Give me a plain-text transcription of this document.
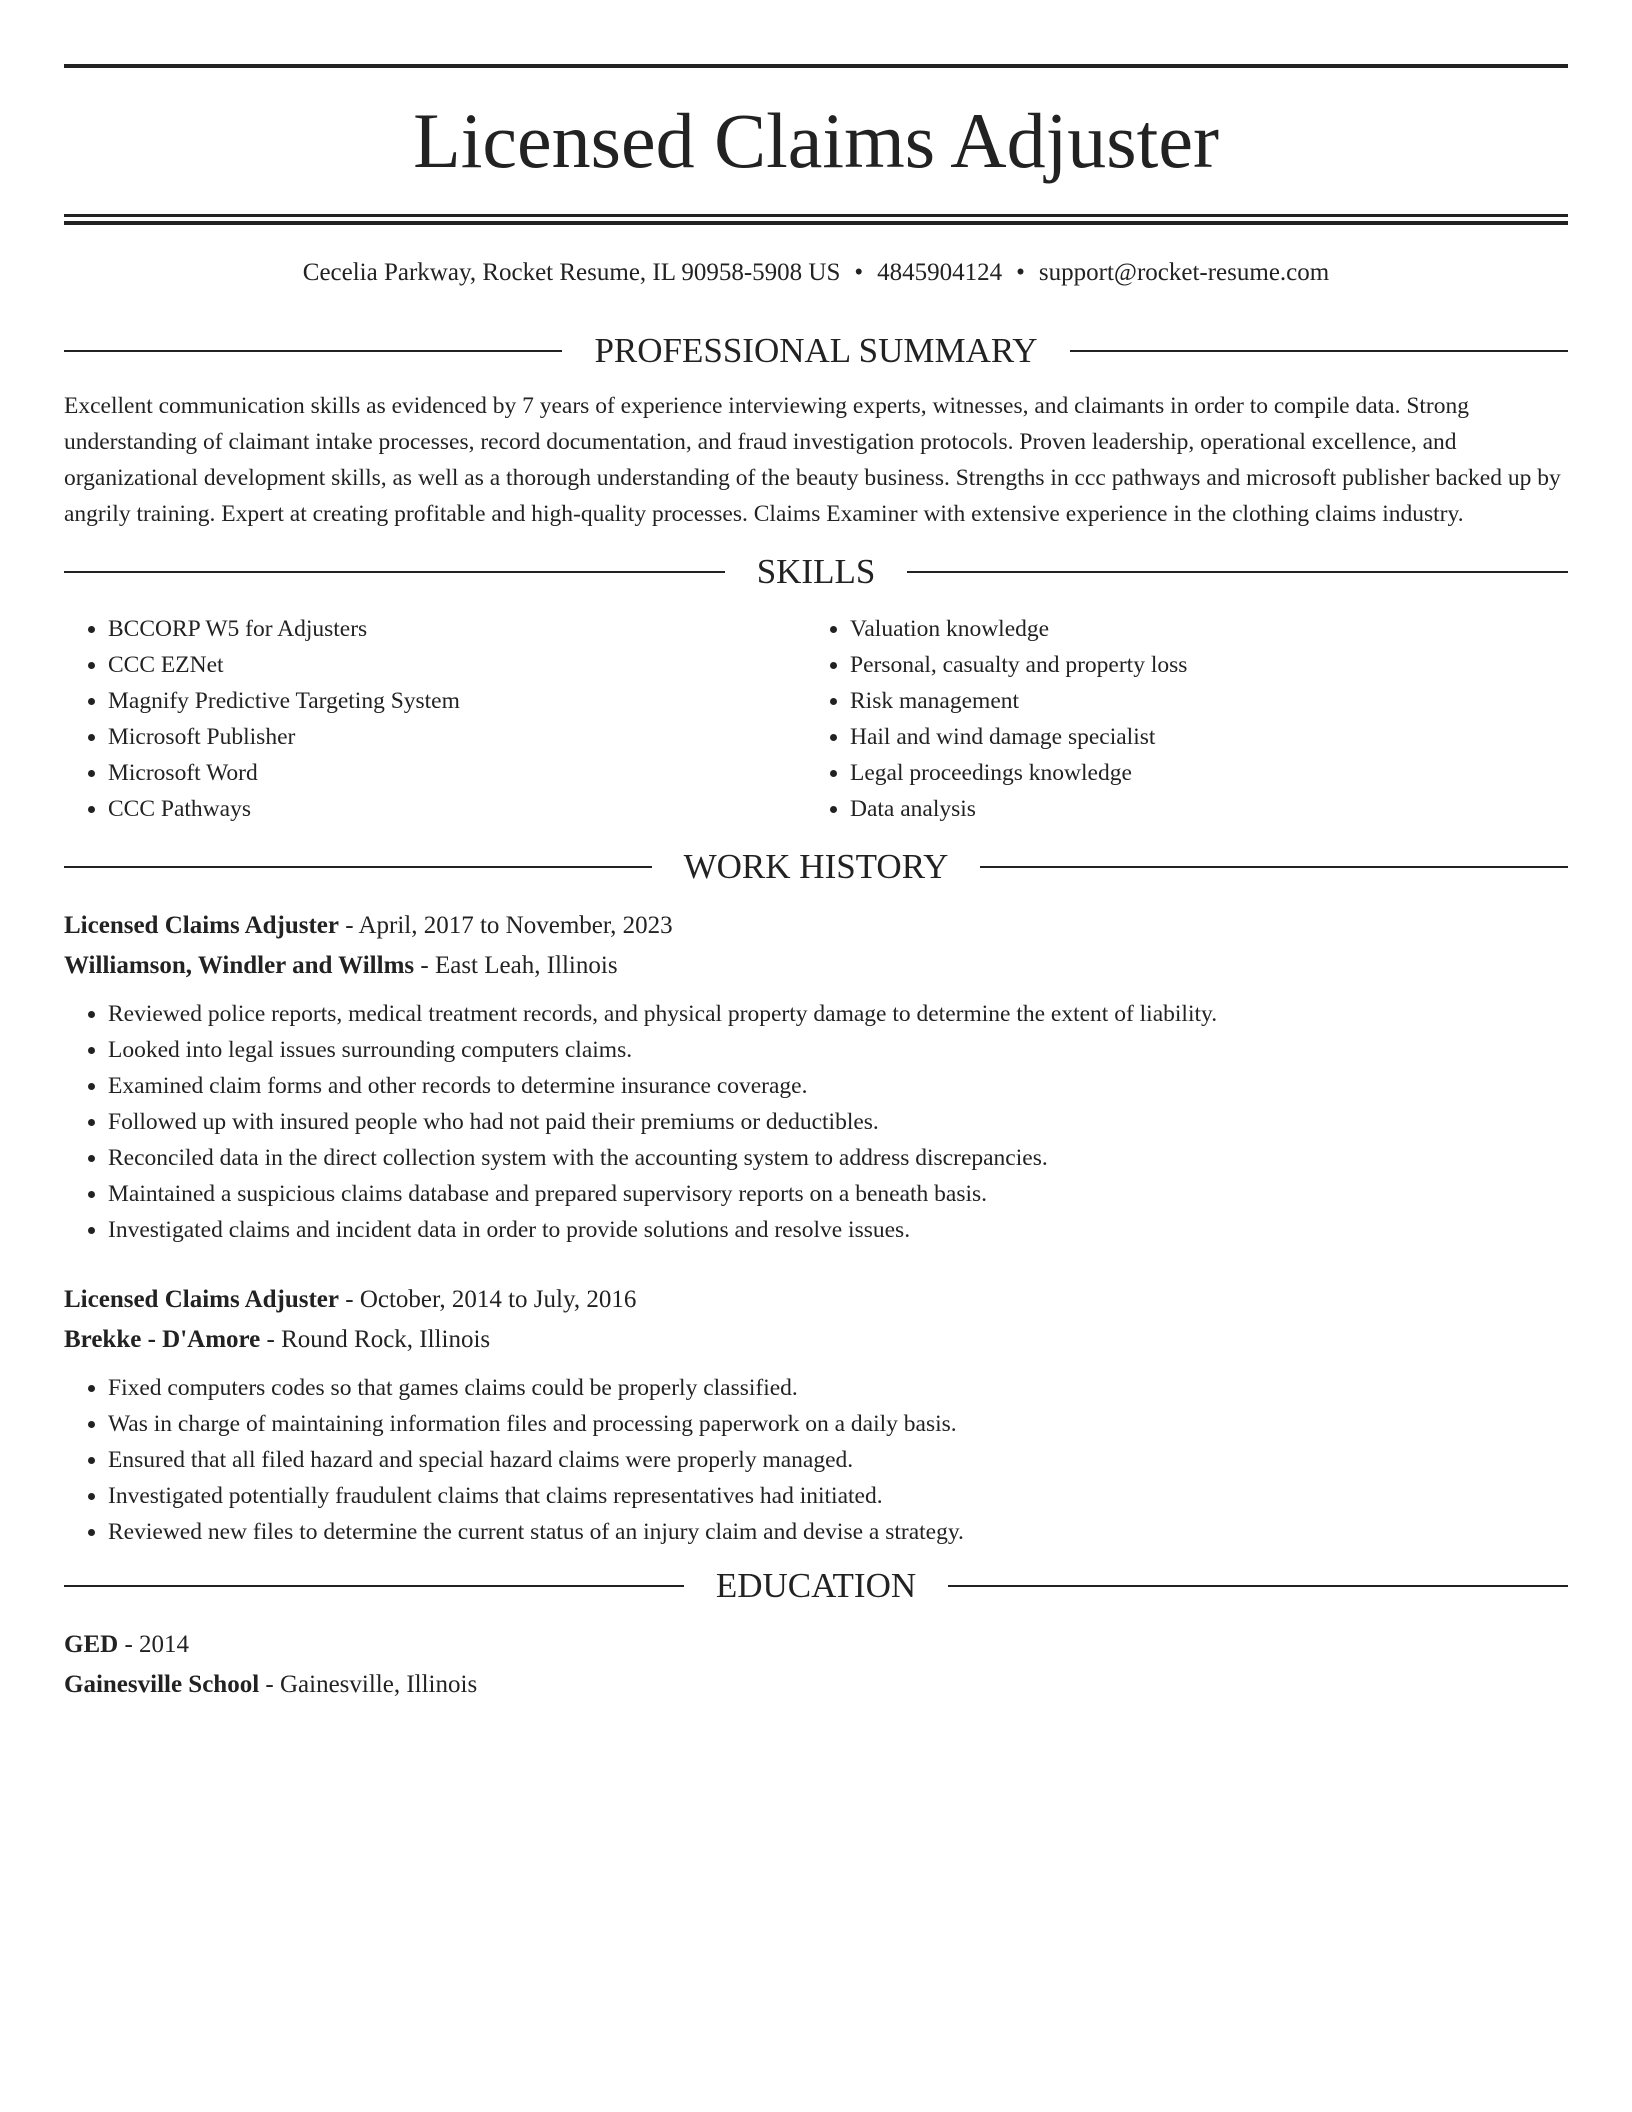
Licensed Claims Adjuster
Cecelia Parkway, Rocket Resume, IL 90958-5908 US • 4845904124 • support@rocket-resume.com
PROFESSIONAL SUMMARY
Excellent communication skills as evidenced by 7 years of experience interviewing experts, witnesses, and claimants in order to compile data. Strong understanding of claimant intake processes, record documentation, and fraud investigation protocols. Proven leadership, operational excellence, and organizational development skills, as well as a thorough understanding of the beauty business. Strengths in ccc pathways and microsoft publisher backed up by angrily training. Expert at creating profitable and high-quality processes. Claims Examiner with extensive experience in the clothing claims industry.
SKILLS
• BCCORP W5 for Adjusters
• CCC EZNet
• Magnify Predictive Targeting System
• Microsoft Publisher
• Microsoft Word
• CCC Pathways
• Valuation knowledge
• Personal, casualty and property loss
• Risk management
• Hail and wind damage specialist
• Legal proceedings knowledge
• Data analysis
WORK HISTORY
Licensed Claims Adjuster - April, 2017 to November, 2023
Williamson, Windler and Willms - East Leah, Illinois
• Reviewed police reports, medical treatment records, and physical property damage to determine the extent of liability.
• Looked into legal issues surrounding computers claims.
• Examined claim forms and other records to determine insurance coverage.
• Followed up with insured people who had not paid their premiums or deductibles.
• Reconciled data in the direct collection system with the accounting system to address discrepancies.
• Maintained a suspicious claims database and prepared supervisory reports on a beneath basis.
• Investigated claims and incident data in order to provide solutions and resolve issues.
Licensed Claims Adjuster - October, 2014 to July, 2016
Brekke - D'Amore - Round Rock, Illinois
• Fixed computers codes so that games claims could be properly classified.
• Was in charge of maintaining information files and processing paperwork on a daily basis.
• Ensured that all filed hazard and special hazard claims were properly managed.
• Investigated potentially fraudulent claims that claims representatives had initiated.
• Reviewed new files to determine the current status of an injury claim and devise a strategy.
EDUCATION
GED - 2014
Gainesville School - Gainesville, Illinois
